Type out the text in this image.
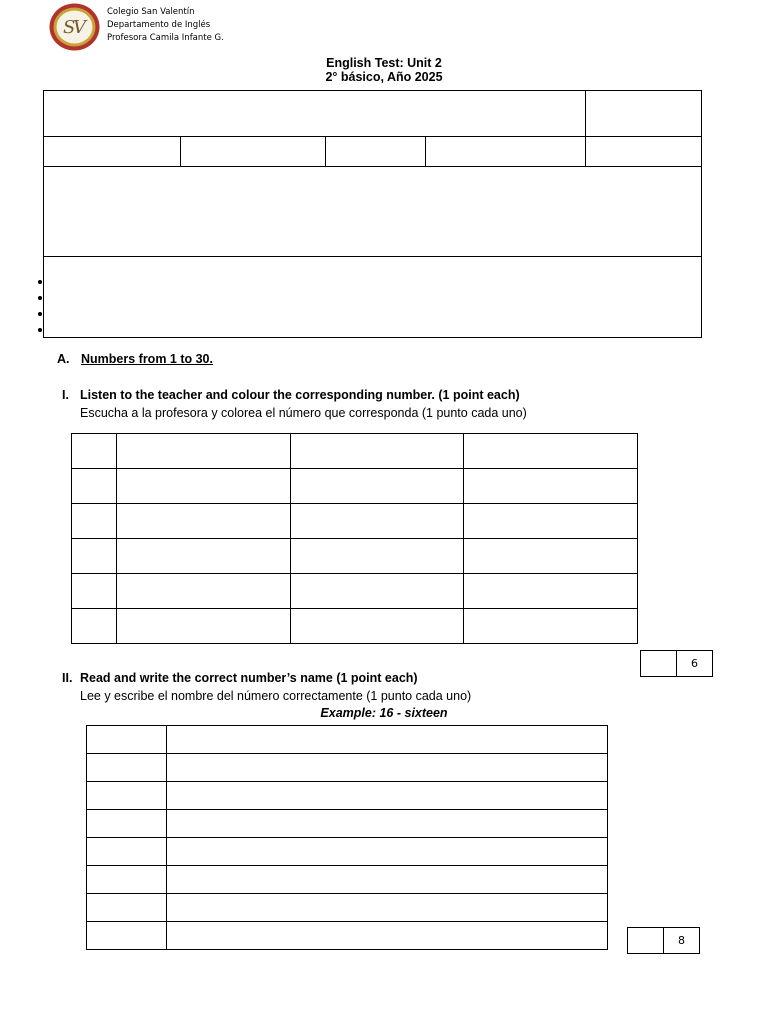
S
V
Colegio San Valentín
Departamento de Inglés
Profesora Camila Infante G.
English Test: Unit 2
2° básico, Año 2025

•
•
•
•
A. Numbers from 1 to 30.
I. Listen to the teacher and colour the corresponding number. (1 point each)
Escucha a la profesora y colorea el número que corresponda (1 punto cada uno)

	6
II. Read and write the correct number’s name (1 point each)
Lee y escribe el nombre del número correctamente (1 punto cada uno)
Example: 16 - sixteen

	8
